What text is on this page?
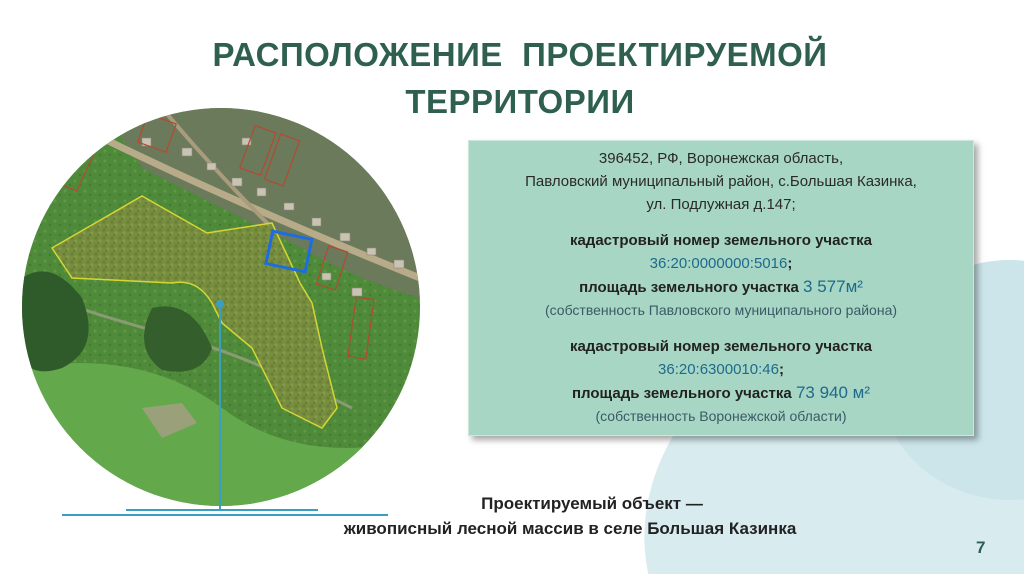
РАСПОЛОЖЕНИЕ  ПРОЕКТИРУЕМОЙ
ТЕРРИТОРИИ
396452, РФ, Воронежская область,
Павловский муниципальный район, с.Большая Казинка,
ул. Подлужная д.147;
кадастровый номер земельного участка
36:20:0000000:5016;
площадь земельного участка 3 577м²
(собственность Павловского муниципального района)
кадастровый номер земельного участка
36:20:6300010:46;
площадь земельного участка 73 940 м²
(собственность Воронежской области)
Проектируемый объект —
живописный лесной массив в селе Большая Казинка
7
